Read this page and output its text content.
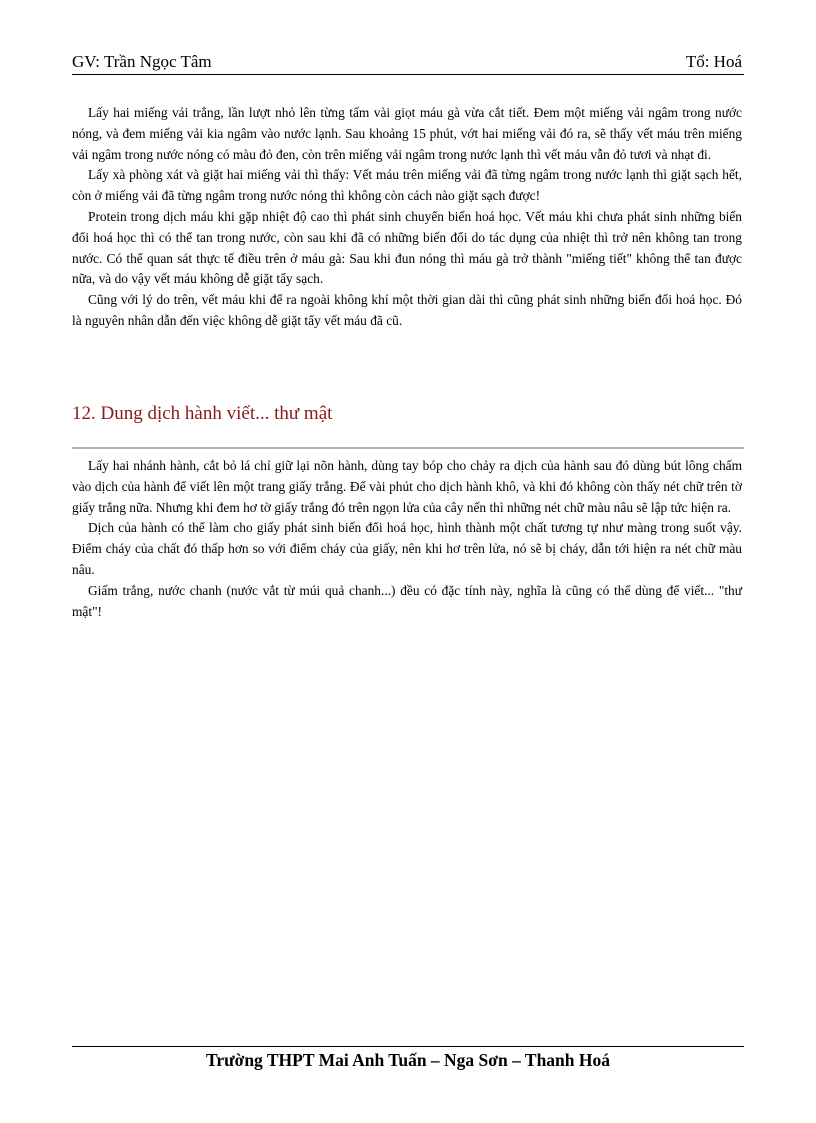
GV: Trần Ngọc Tâm	Tổ: Hoá

Lấy hai miếng vải trắng, lần lượt nhỏ lên từng tấm vài giọt máu gà vừa cắt tiết. Đem một miếng vải ngâm trong nước nóng, và đem miếng vải kia ngâm vào nước lạnh. Sau khoảng 15 phút, vớt hai miếng vải đó ra, sẽ thấy vết máu trên miếng vải ngâm trong nước nóng có màu đỏ đen, còn trên miếng vải ngâm trong nước lạnh thì vết máu vẫn đỏ tươi và nhạt đi.

Lấy xà phòng xát và giặt hai miếng vải thì thấy: Vết máu trên miếng vải đã từng ngâm trong nước lạnh thì giặt sạch hết, còn ở miếng vải đã từng ngâm trong nước nóng thì không còn cách nào giặt sạch được!

Protein trong dịch máu khi gặp nhiệt độ cao thì phát sinh chuyển biến hoá học. Vết máu khi chưa phát sinh những biến đổi hoá học thì có thể tan trong nước, còn sau khi đã có những biến đổi do tác dụng của nhiệt thì trở nên không tan trong nước. Có thể quan sát thực tế điều trên ở máu gà: Sau khi đun nóng thì máu gà trở thành "miếng tiết" không thể tan được nữa, và do vậy vết máu không dễ giặt tẩy sạch.

Cũng với lý do trên, vết máu khi để ra ngoài không khí một thời gian dài thì cũng phát sinh những biến đổi hoá học. Đó là nguyên nhân dẫn đến việc không dễ giặt tẩy vết máu đã cũ.

12. Dung dịch hành viết... thư mật

Lấy hai nhánh hành, cắt bỏ lá chỉ giữ lại nõn hành, dùng tay bóp cho chảy ra dịch của hành sau đó dùng bút lông chấm vào dịch của hành để viết lên một trang giấy trắng. Để vài phút cho dịch hành khô, và khi đó không còn thấy nét chữ trên tờ giấy trắng nữa. Nhưng khi đem hơ tờ giấy trắng đó trên ngọn lửa của cây nến thì những nét chữ màu nâu sẽ lập tức hiện ra.

Dịch của hành có thể làm cho giấy phát sinh biến đổi hoá học, hình thành một chất tương tự như màng trong suốt vậy. Điểm cháy của chất đó thấp hơn so với điểm cháy của giấy, nên khi hơ trên lửa, nó sẽ bị cháy, dẫn tới hiện ra nét chữ màu nâu.

Giấm trắng, nước chanh (nước vắt từ múi quả chanh...) đều có đặc tính này, nghĩa là cũng có thể dùng để viết... "thư mật"!

Trường THPT Mai Anh Tuấn – Nga Sơn – Thanh Hoá
